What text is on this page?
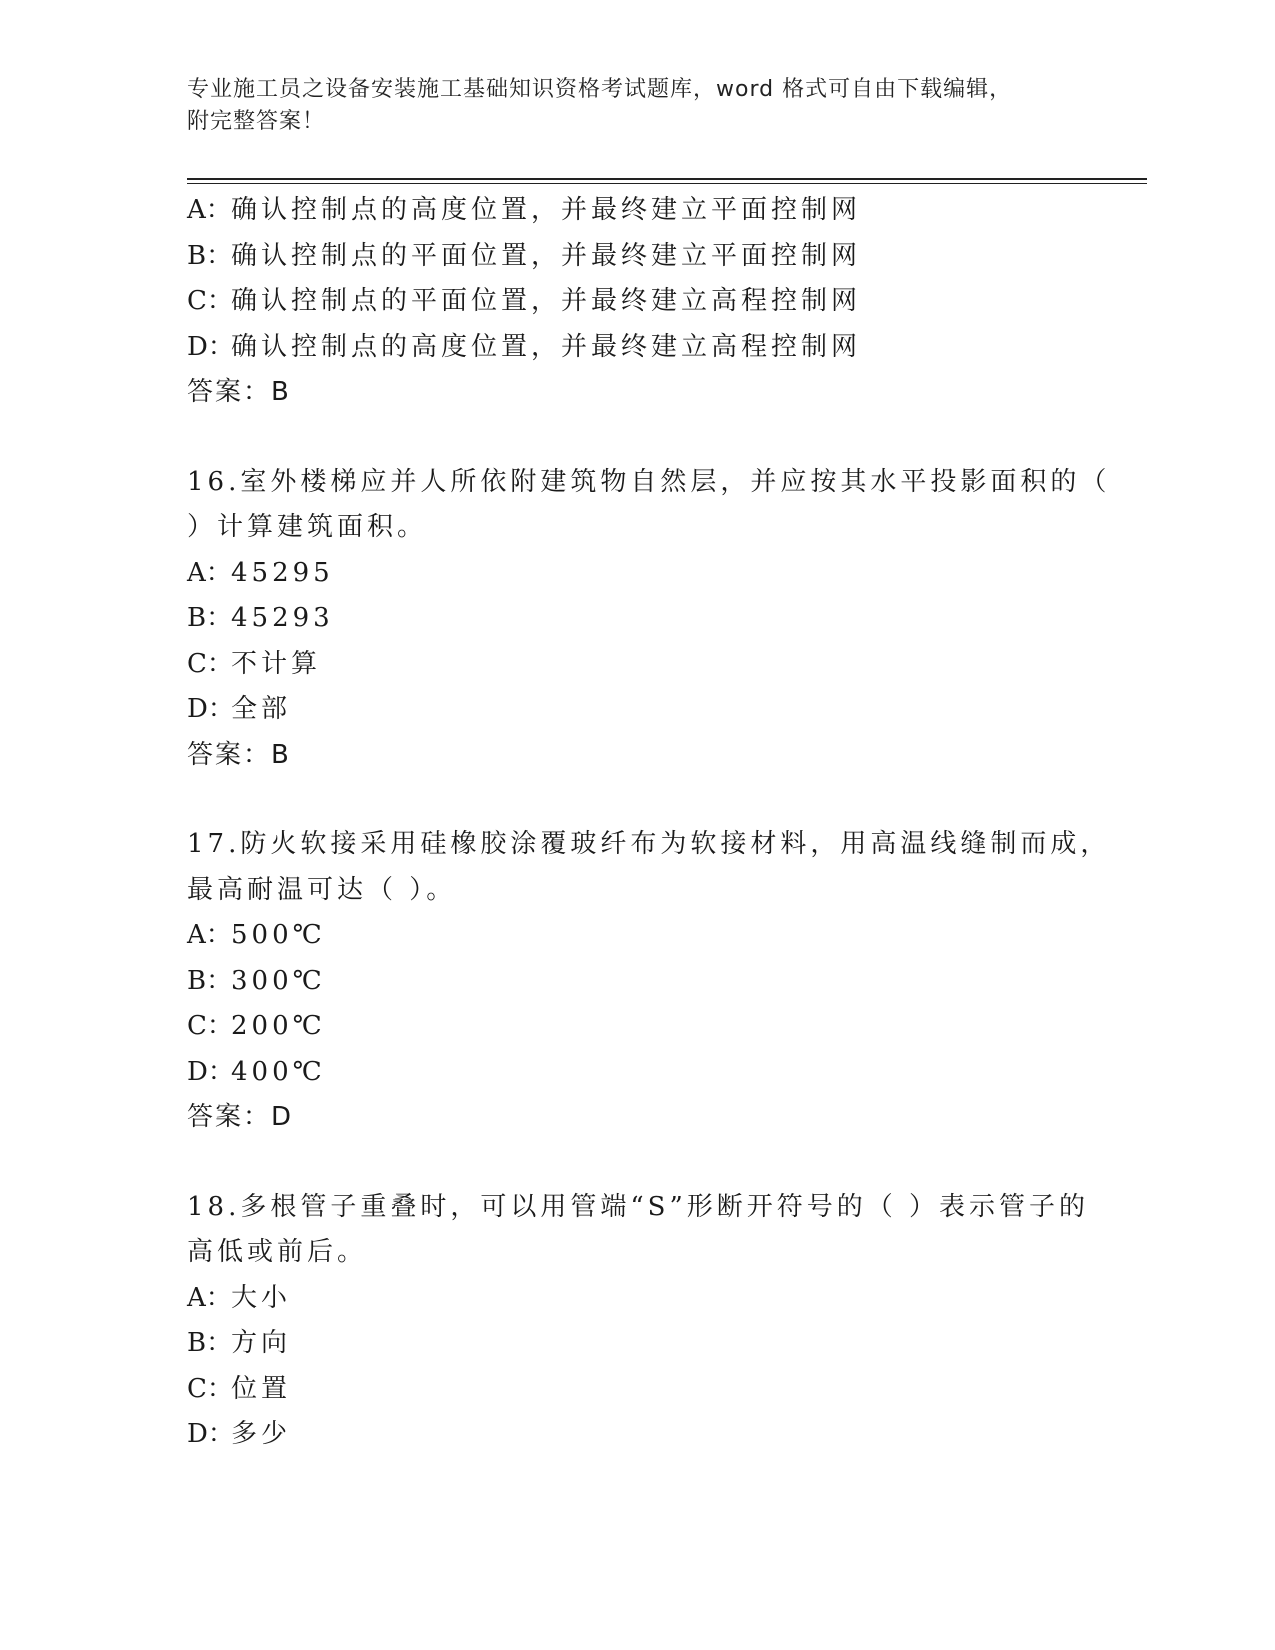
专业施工员之设备安装施工基础知识资格考试题库，word 格式可自由下载编辑，
附完整答案！
A：确认控制点的高度位置，并最终建立平面控制网
B：确认控制点的平面位置，并最终建立平面控制网
C：确认控制点的平面位置，并最终建立高程控制网
D：确认控制点的高度位置，并最终建立高程控制网
答案：B
16.室外楼梯应并人所依附建筑物自然层，并应按其水平投影面积的（
）计算建筑面积。
A：45295
B：45293
C：不计算
D：全部
答案：B
17.防火软接采用硅橡胶涂覆玻纤布为软接材料，用高温线缝制而成，
最高耐温可达（ ）。
A：500℃
B：300℃
C：200℃
D：400℃
答案：D
18.多根管子重叠时，可以用管端“S”形断开符号的（ ）表示管子的
高低或前后。
A：大小
B：方向
C：位置
D：多少
